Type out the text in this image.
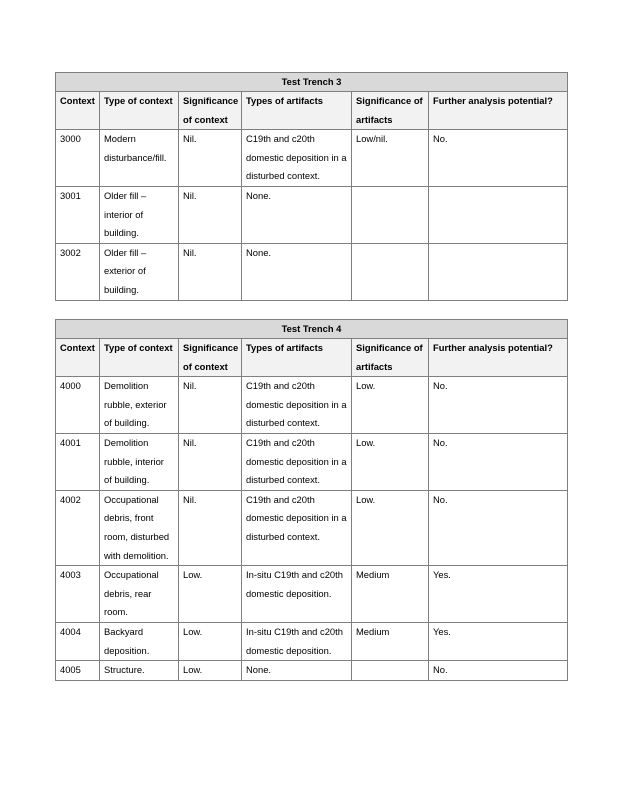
Test Trench 3					
Context	Type of context	Significance of context	Types of artifacts	Significance of artifacts	Further analysis potential?
3000	Modern disturbance/fill.	Nil.	C19th and c20th domestic deposition in a disturbed context.	Low/nil.	No.
3001	Older fill – interior of building.	Nil.	None.		
3002	Older fill – exterior of building.	Nil.	None.		
Test Trench 4					
Context	Type of context	Significance of context	Types of artifacts	Significance of artifacts	Further analysis potential?
4000	Demolition rubble, exterior of building.	Nil.	C19th and c20th domestic deposition in a disturbed context.	Low.	No.
4001	Demolition rubble, interior of building.	Nil.	C19th and c20th domestic deposition in a disturbed context.	Low.	No.
4002	Occupational debris, front room, disturbed with demolition.	Nil.	C19th and c20th domestic deposition in a disturbed context.	Low.	No.
4003	Occupational debris, rear room.	Low.	In-situ C19th and c20th domestic deposition.	Medium	Yes.
4004	Backyard deposition.	Low.	In-situ C19th and c20th domestic deposition.	Medium	Yes.
4005	Structure.	Low.	None.		No.
